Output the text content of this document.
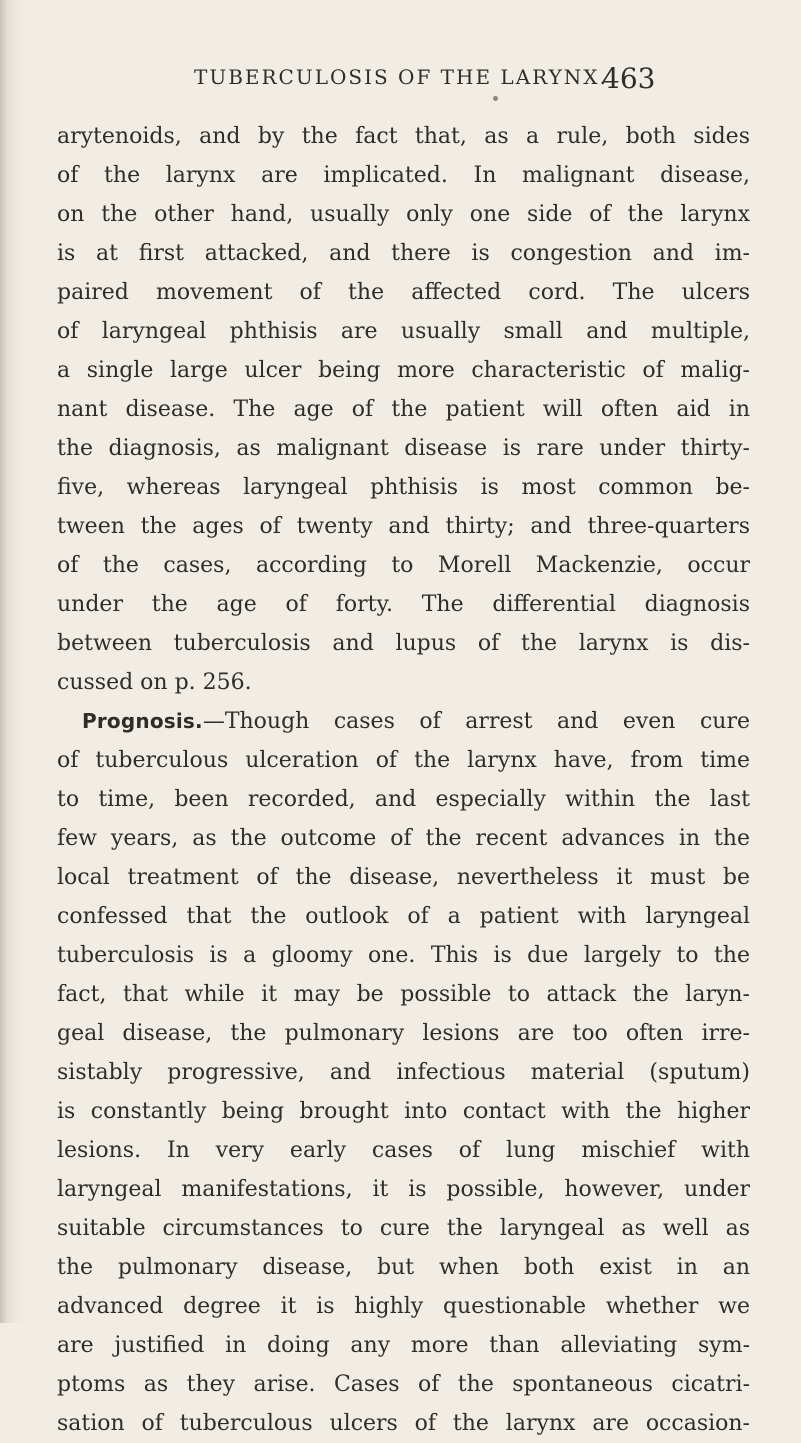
TUBERCULOSIS OF THE LARYNX.
463
arytenoids, and by the fact that, as a rule, both sides
of the larynx are implicated. In malignant disease,
on the other hand, usually only one side of the larynx
is at first attacked, and there is congestion and im-
paired movement of the affected cord. The ulcers
of laryngeal phthisis are usually small and multiple,
a single large ulcer being more characteristic of malig-
nant disease. The age of the patient will often aid in
the diagnosis, as malignant disease is rare under thirty-
five, whereas laryngeal phthisis is most common be-
tween the ages of twenty and thirty; and three-quarters
of the cases, according to Morell Mackenzie, occur
under the age of forty. The differential diagnosis
between tuberculosis and lupus of the larynx is dis-
cussed on p. 256.
Prognosis.—Though cases of arrest and even cure
of tuberculous ulceration of the larynx have, from time
to time, been recorded, and especially within the last
few years, as the outcome of the recent advances in the
local treatment of the disease, nevertheless it must be
confessed that the outlook of a patient with laryngeal
tuberculosis is a gloomy one. This is due largely to the
fact, that while it may be possible to attack the laryn-
geal disease, the pulmonary lesions are too often irre-
sistably progressive, and infectious material (sputum)
is constantly being brought into contact with the higher
lesions. In very early cases of lung mischief with
laryngeal manifestations, it is possible, however, under
suitable circumstances to cure the laryngeal as well as
the pulmonary disease, but when both exist in an
advanced degree it is highly questionable whether we
are justified in doing any more than alleviating sym-
ptoms as they arise. Cases of the spontaneous cicatri-
sation of tuberculous ulcers of the larynx are occasion-
